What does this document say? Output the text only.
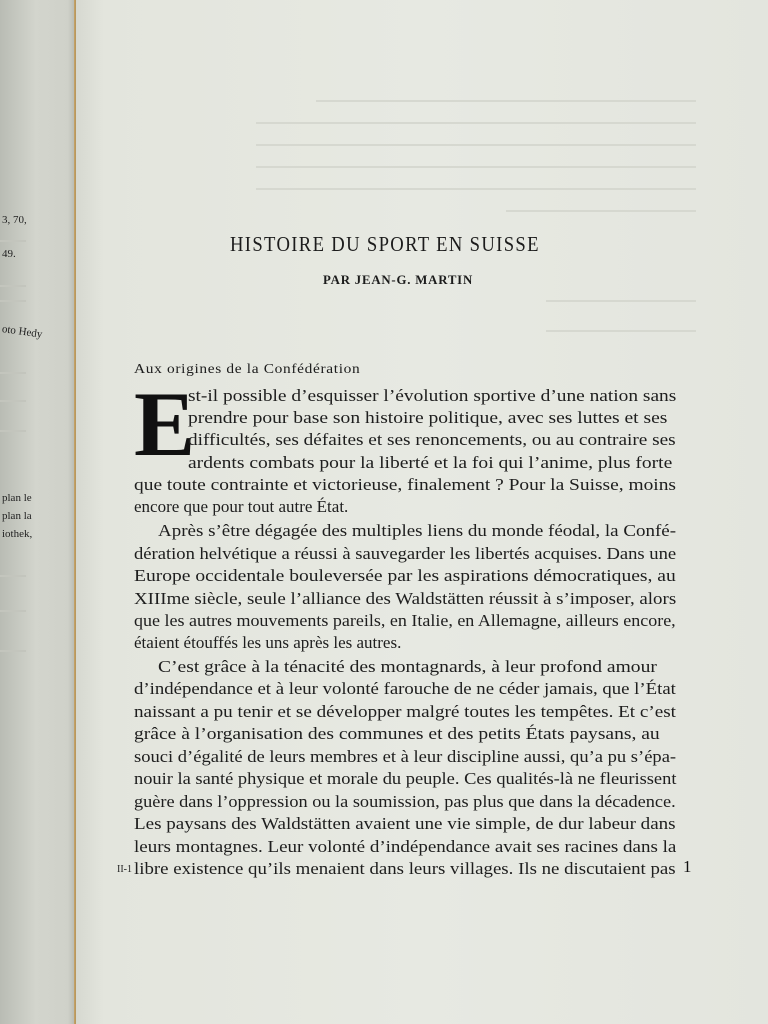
3, 70,
49.
oto Hedy
plan le
plan la
iothek,
HISTOIRE DU SPORT EN SUISSE
PAR JEAN-G. MARTIN
Aux origines de la Confédération
E
st-il possible d’esquisser l’évolution sportive d’une nation sans
prendre pour base son histoire politique, avec ses luttes et ses
difficultés, ses défaites et ses renoncements, ou au contraire ses
ardents combats pour la liberté et la foi qui l’anime, plus forte
que toute contrainte et victorieuse, finalement ? Pour la Suisse, moins
encore que pour tout autre État.
Après s’être dégagée des multiples liens du monde féodal, la Confé-
dération helvétique a réussi à sauvegarder les libertés acquises. Dans une
Europe occidentale bouleversée par les aspirations démocratiques, au
XIIIme siècle, seule l’alliance des Waldstätten réussit à s’imposer, alors
que les autres mouvements pareils, en Italie, en Allemagne, ailleurs encore,
étaient étouffés les uns après les autres.
C’est grâce à la ténacité des montagnards, à leur profond amour
d’indépendance et à leur volonté farouche de ne céder jamais, que l’État
naissant a pu tenir et se développer malgré toutes les tempêtes. Et c’est
grâce à l’organisation des communes et des petits États paysans, au
souci d’égalité de leurs membres et à leur discipline aussi, qu’a pu s’épa-
nouir la santé physique et morale du peuple. Ces qualités-là ne fleurissent
guère dans l’oppression ou la soumission, pas plus que dans la décadence.
Les paysans des Waldstätten avaient une vie simple, de dur labeur dans
leurs montagnes. Leur volonté d’indépendance avait ses racines dans la
libre existence qu’ils menaient dans leurs villages. Ils ne discutaient pas
II-1	1
